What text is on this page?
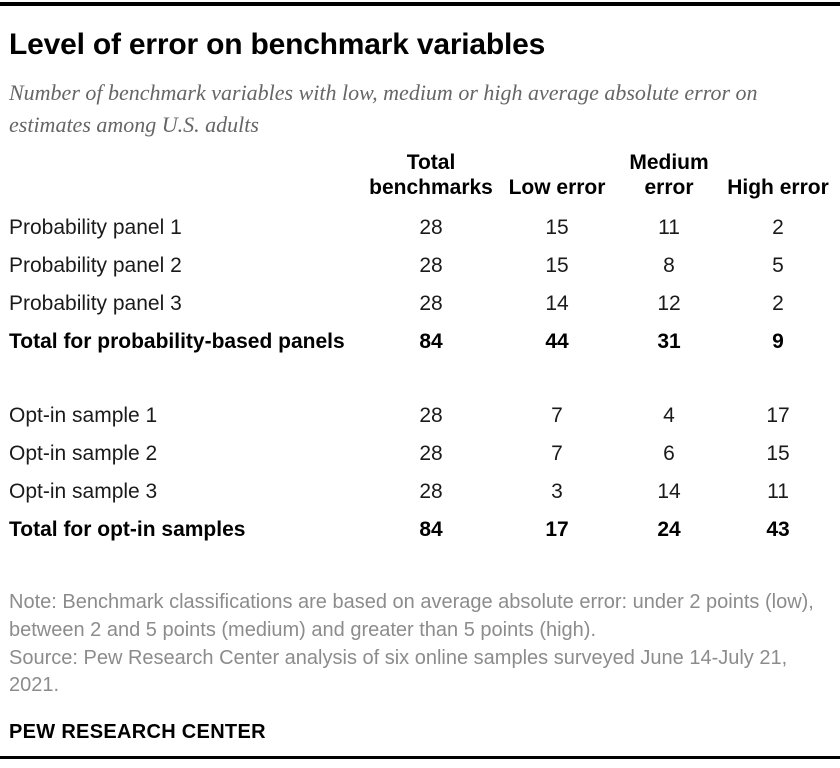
Level of error on benchmark variables

Number of benchmark variables with low, medium or high average absolute error on estimates among U.S. adults

	Total benchmarks	Low error	Medium error	High error
Probability panel 1	28	15	11	2
Probability panel 2	28	15	8	5
Probability panel 3	28	14	12	2
Total for probability-based panels	84	44	31	9

Opt-in sample 1	28	7	4	17
Opt-in sample 2	28	7	6	15
Opt-in sample 3	28	3	14	11
Total for opt-in samples	84	17	24	43

Note: Benchmark classifications are based on average absolute error: under 2 points (low), between 2 and 5 points (medium) and greater than 5 points (high).

Source: Pew Research Center analysis of six online samples surveyed June 14-July 21, 2021.

PEW RESEARCH CENTER
